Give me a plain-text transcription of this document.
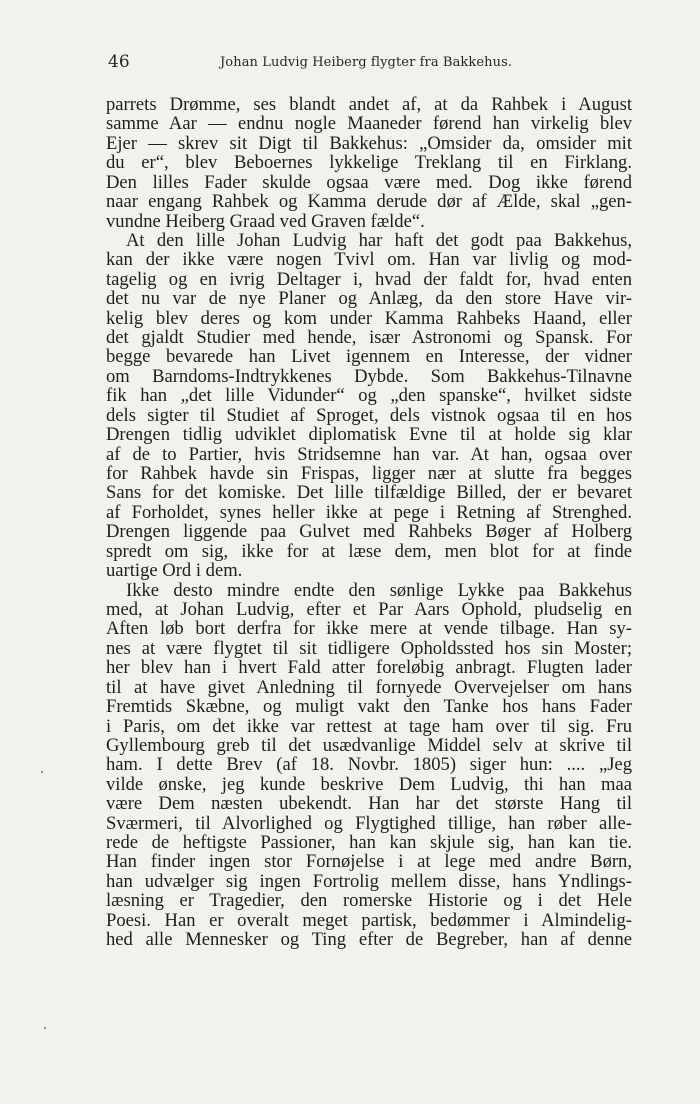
46	Johan Ludvig Heiberg flygter fra Bakkehus.
parrets Drømme, ses blandt andet af, at da Rahbek i August
samme Aar — endnu nogle Maaneder førend han virkelig blev
Ejer — skrev sit Digt til Bakkehus: „Omsider da, omsider mit
du er“, blev Beboernes lykkelige Treklang til en Firklang.
Den lilles Fader skulde ogsaa være med. Dog ikke førend
naar engang Rahbek og Kamma derude dør af Ælde, skal „gen-
vundne Heiberg Graad ved Graven fælde“.
At den lille Johan Ludvig har haft det godt paa Bakkehus,
kan der ikke være nogen Tvivl om. Han var livlig og mod-
tagelig og en ivrig Deltager i, hvad der faldt for, hvad enten
det nu var de nye Planer og Anlæg, da den store Have vir-
kelig blev deres og kom under Kamma Rahbeks Haand, eller
det gjaldt Studier med hende, især Astronomi og Spansk. For
begge bevarede han Livet igennem en Interesse, der vidner
om Barndoms-Indtrykkenes Dybde. Som Bakkehus-Tilnavne
fik han „det lille Vidunder“ og „den spanske“, hvilket sidste
dels sigter til Studiet af Sproget, dels vistnok ogsaa til en hos
Drengen tidlig udviklet diplomatisk Evne til at holde sig klar
af de to Partier, hvis Stridsemne han var. At han, ogsaa over
for Rahbek havde sin Frispas, ligger nær at slutte fra begges
Sans for det komiske. Det lille tilfældige Billed, der er bevaret
af Forholdet, synes heller ikke at pege i Retning af Strenghed.
Drengen liggende paa Gulvet med Rahbeks Bøger af Holberg
spredt om sig, ikke for at læse dem, men blot for at finde
uartige Ord i dem.
Ikke desto mindre endte den sønlige Lykke paa Bakkehus
med, at Johan Ludvig, efter et Par Aars Ophold, pludselig en
Aften løb bort derfra for ikke mere at vende tilbage. Han sy-
nes at være flygtet til sit tidligere Opholdssted hos sin Moster;
her blev han i hvert Fald atter foreløbig anbragt. Flugten lader
til at have givet Anledning til fornyede Overvejelser om hans
Fremtids Skæbne, og muligt vakt den Tanke hos hans Fader
i Paris, om det ikke var rettest at tage ham over til sig. Fru
Gyllembourg greb til det usædvanlige Middel selv at skrive til
ham. I dette Brev (af 18. Novbr. 1805) siger hun: .... „Jeg
vilde ønske, jeg kunde beskrive Dem Ludvig, thi han maa
være Dem næsten ubekendt. Han har det største Hang til
Sværmeri, til Alvorlighed og Flygtighed tillige, han røber alle-
rede de heftigste Passioner, han kan skjule sig, han kan tie.
Han finder ingen stor Fornøjelse i at lege med andre Børn,
han udvælger sig ingen Fortrolig mellem disse, hans Yndlings-
læsning er Tragedier, den romerske Historie og i det Hele
Poesi. Han er overalt meget partisk, bedømmer i Almindelig-
hed alle Mennesker og Ting efter de Begreber, han af denne
